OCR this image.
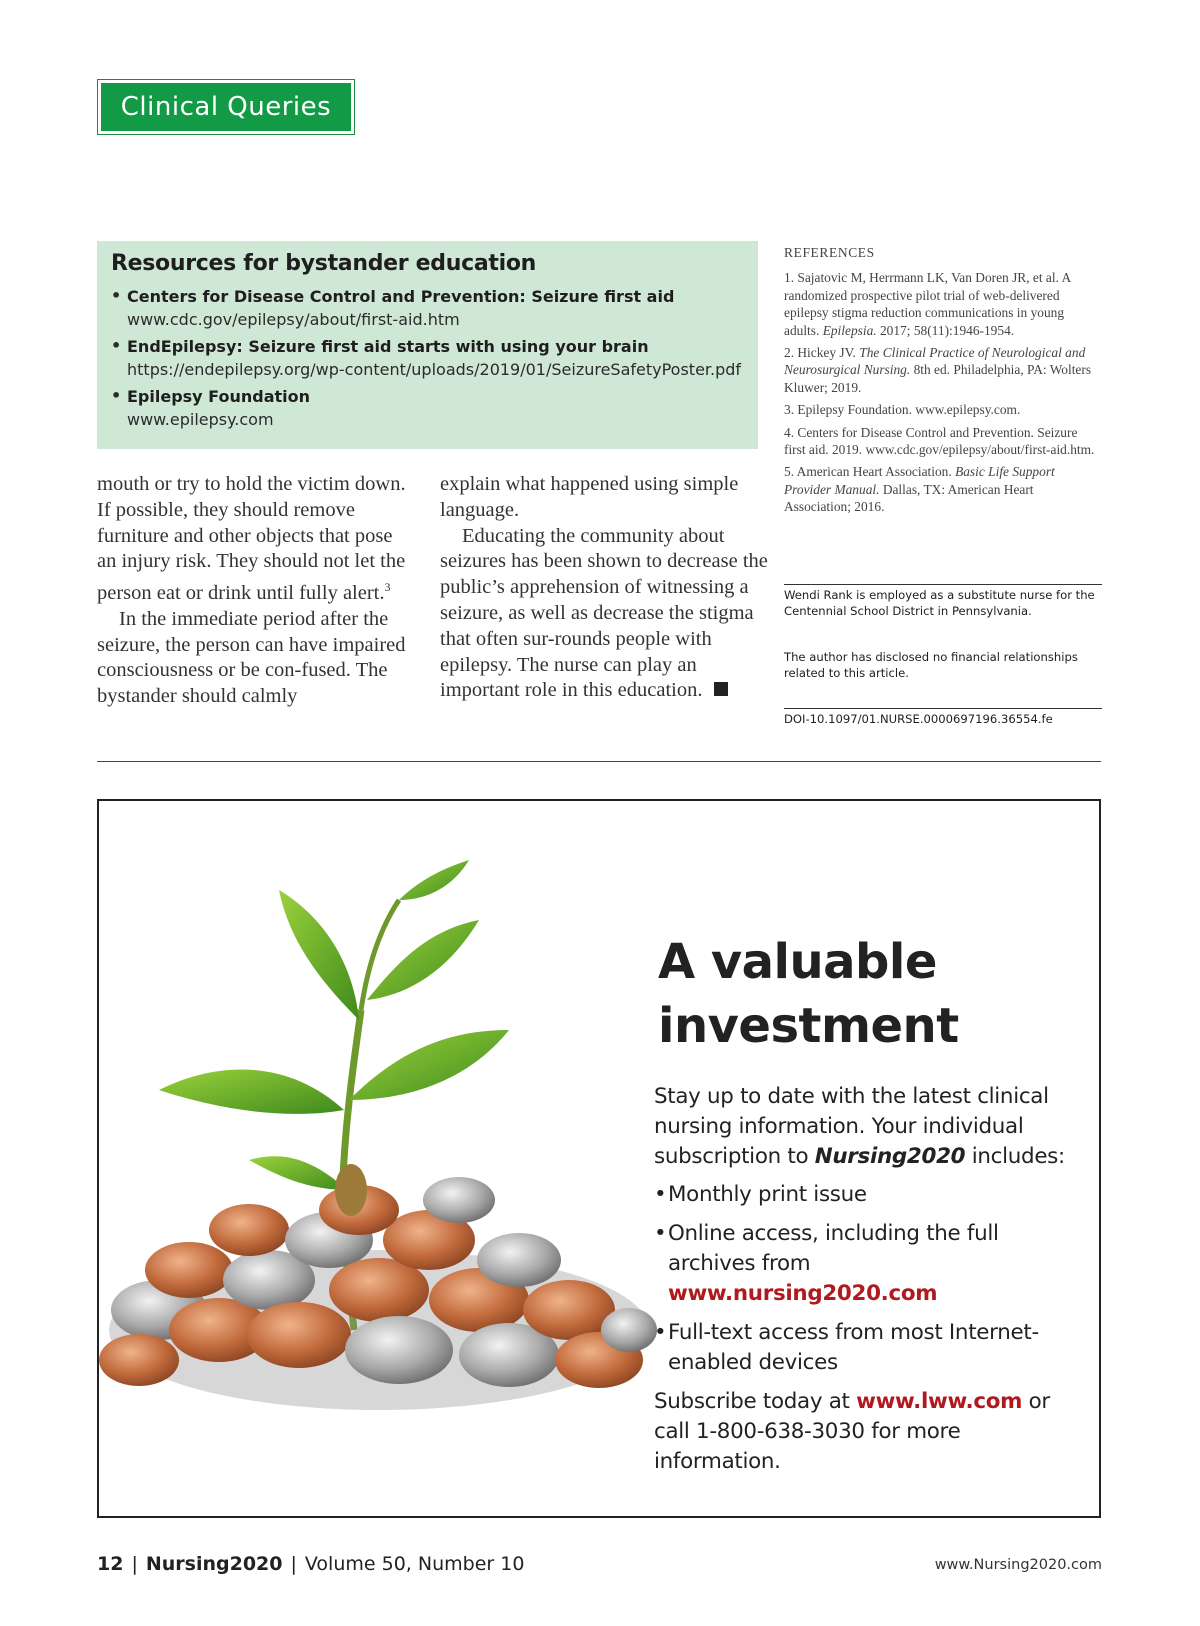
Clinical Queries
Resources for bystander education
• Centers for Disease Control and Prevention: Seizure first aid
www.cdc.gov/epilepsy/about/first-aid.htm
• EndEpilepsy: Seizure first aid starts with using your brain
https://endepilepsy.org/wp-content/uploads/2019/01/SeizureSafetyPoster.pdf
• Epilepsy Foundation
www.epilepsy.com

mouth or try to hold the victim down. If possible, they should remove furniture and other objects that pose an injury risk. They should not let the person eat or drink until fully alert.$^3$

In the immediate period after the seizure, the person can have impaired consciousness or be con-fused. The bystander should calmly

explain what happened using simple language.

Educating the community about seizures has been shown to decrease the public’s apprehension of witnessing a seizure, as well as decrease the stigma that often sur-rounds people with epilepsy. The nurse can play an important role in this education.

REFERENCES
1. Sajatovic M, Herrmann LK, Van Doren JR, et al. A randomized prospective pilot trial of web-delivered epilepsy stigma reduction communications in young adults. Epilepsia. 2017; 58(11):1946-1954.
2. Hickey JV. The Clinical Practice of Neurological and Neurosurgical Nursing. 8th ed. Philadelphia, PA: Wolters Kluwer; 2019.
3. Epilepsy Foundation. www.epilepsy.com.
4. Centers for Disease Control and Prevention. Seizure first aid. 2019. www.cdc.gov/epilepsy/about/first-aid.htm.
5. American Heart Association. Basic Life Support Provider Manual. Dallas, TX: American Heart Association; 2016.
Wendi Rank is employed as a substitute nurse for the Centennial School District in Pennsylvania.
The author has disclosed no financial relationships related to this article.
DOI-10.1097/01.NURSE.0000697196.36554.fe
A valuable
investment

Stay up to date with the latest clinical nursing information. Your individual subscription to Nursing2020 includes:

• Monthly print issue
• Online access, including the full archives from www.nursing2020.com
• Full-text access from most Internet-enabled devices

Subscribe today at www.lww.com or call 1-800-638-3030 for more information.

12 | Nursing2020 | Volume 50, Number 10	www.Nursing2020.com
